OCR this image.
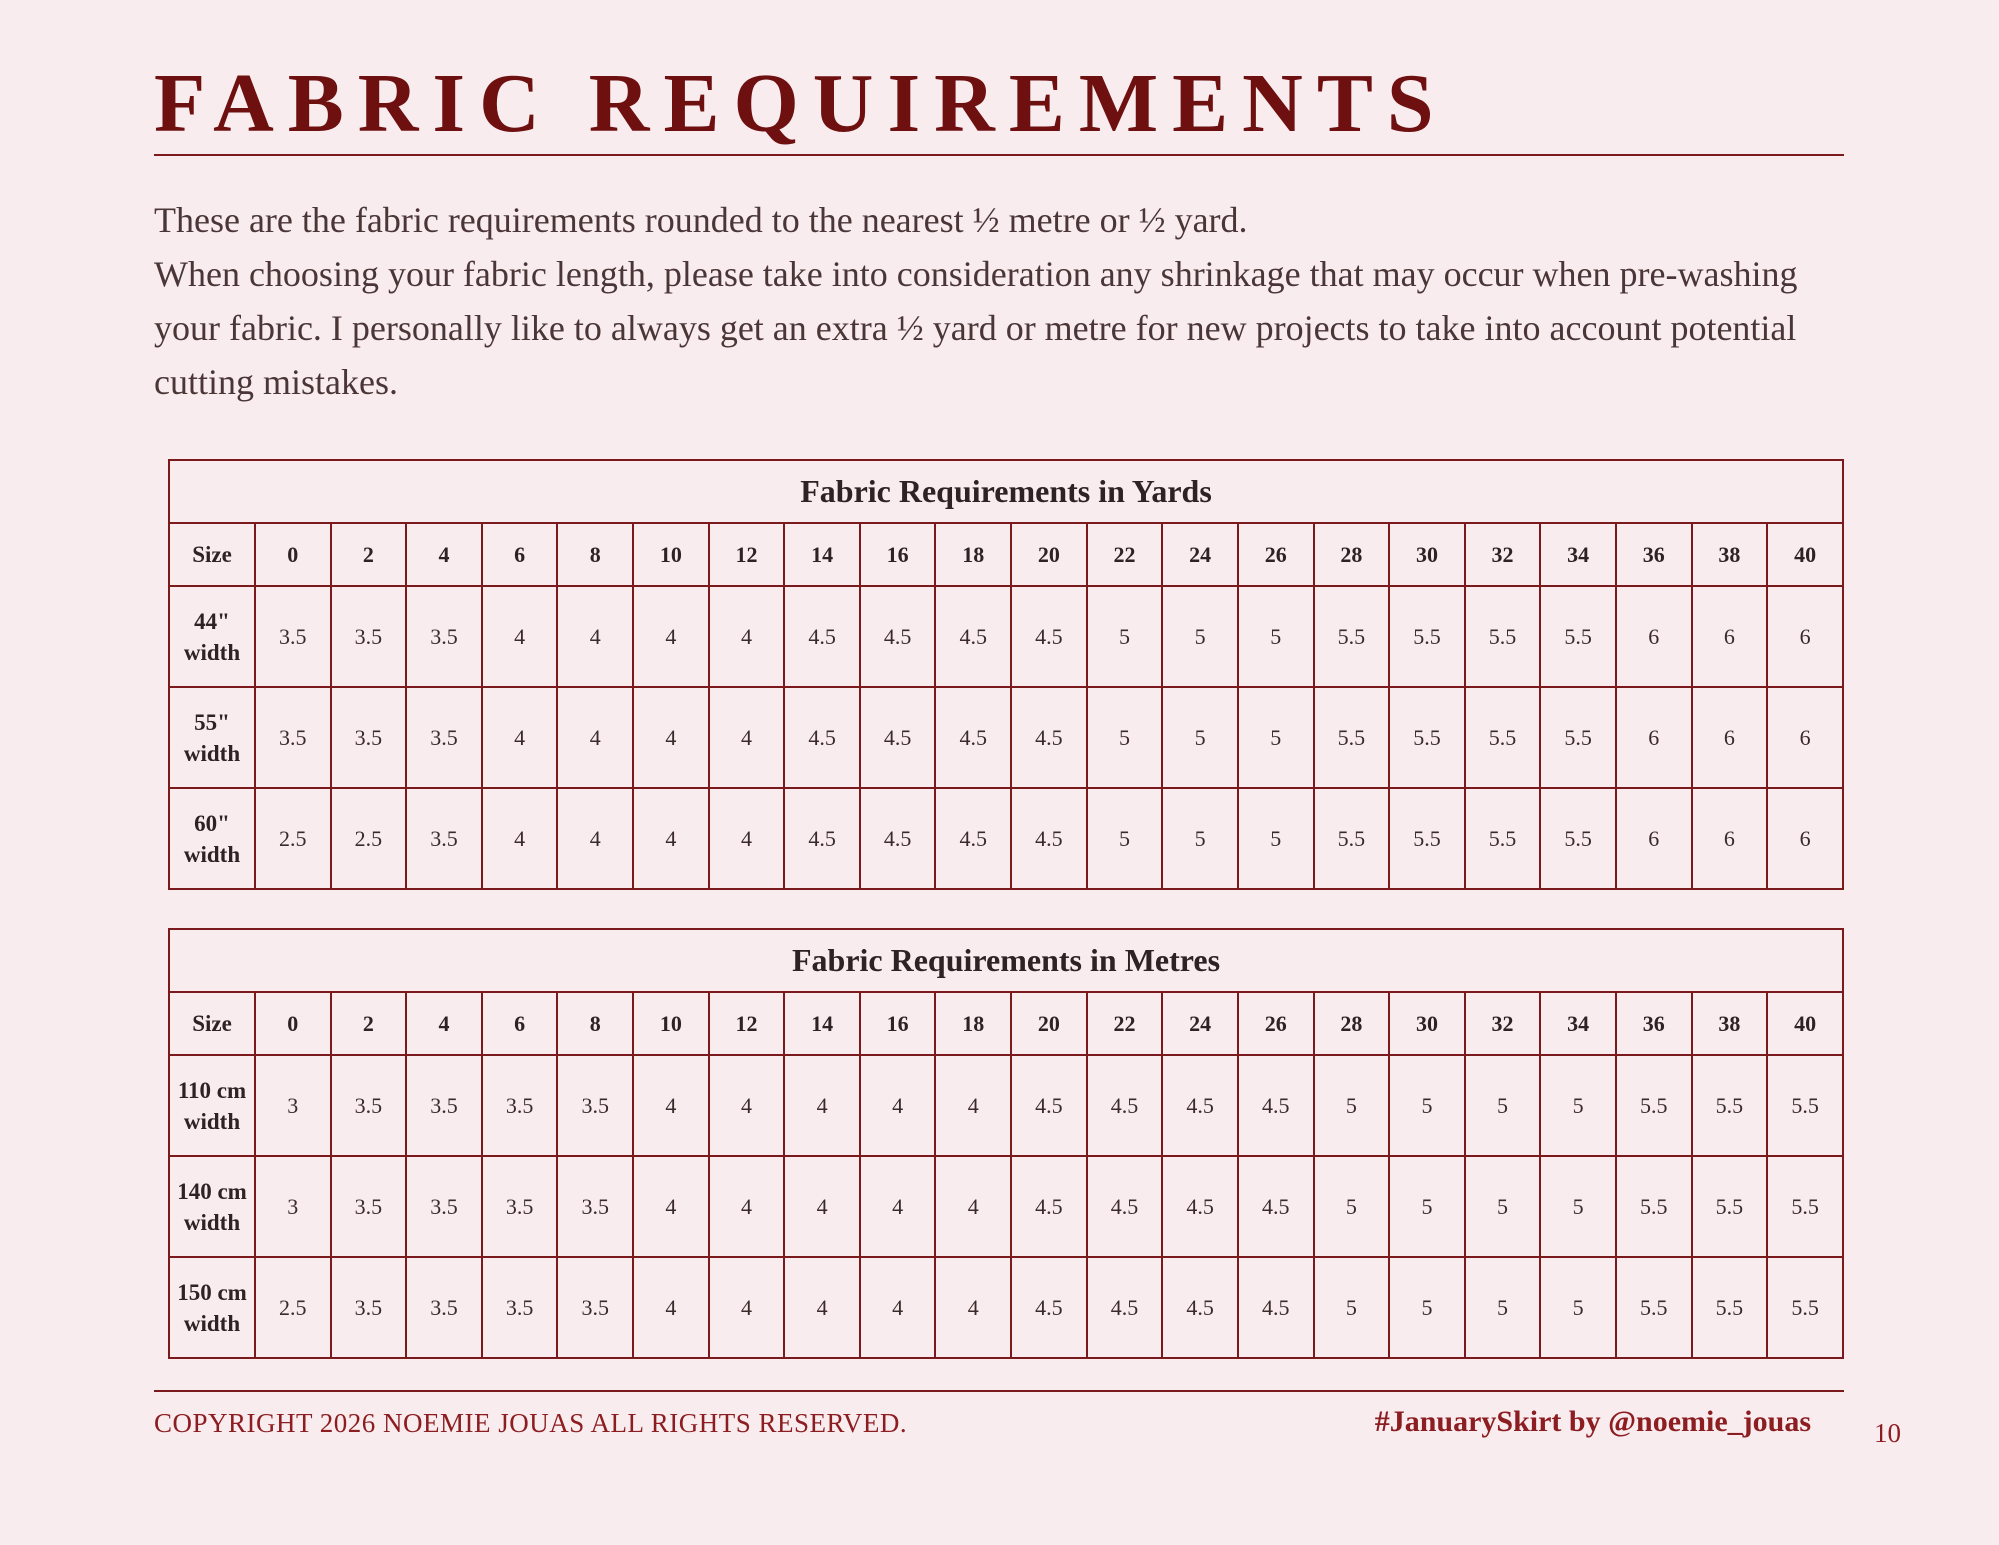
FABRIC REQUIREMENTS

These are the fabric requirements rounded to the nearest ½ metre or ½ yard.

When choosing your fabric length, please take into consideration any shrinkage that may occur when pre-washing your fabric. I personally like to always get an extra ½ yard or metre for new projects to take into account potential cutting mistakes.

Fabric Requirements in Yards																					
Size	0	2	4	6	8	10	12	14	16	18	20	22	24	26	28	30	32	34	36	38	40

44"
width	3.5	3.5	3.5	4	4	4	4	4.5	4.5	4.5	4.5	5	5	5	5.5	5.5	5.5	5.5	6	6	6

55"
width	3.5	3.5	3.5	4	4	4	4	4.5	4.5	4.5	4.5	5	5	5	5.5	5.5	5.5	5.5	6	6	6

60"
width	2.5	2.5	3.5	4	4	4	4	4.5	4.5	4.5	4.5	5	5	5	5.5	5.5	5.5	5.5	6	6	6
Fabric Requirements in Metres																					
Size	0	2	4	6	8	10	12	14	16	18	20	22	24	26	28	30	32	34	36	38	40

110 cm
width	3	3.5	3.5	3.5	3.5	4	4	4	4	4	4.5	4.5	4.5	4.5	5	5	5	5	5.5	5.5	5.5

140 cm
width	3	3.5	3.5	3.5	3.5	4	4	4	4	4	4.5	4.5	4.5	4.5	5	5	5	5	5.5	5.5	5.5

150 cm
width	2.5	3.5	3.5	3.5	3.5	4	4	4	4	4	4.5	4.5	4.5	4.5	5	5	5	5	5.5	5.5	5.5
COPYRIGHT 2026 NOEMIE JOUAS ALL RIGHTS RESERVED.	#JanuarySkirt by @noemie_jouas 10
